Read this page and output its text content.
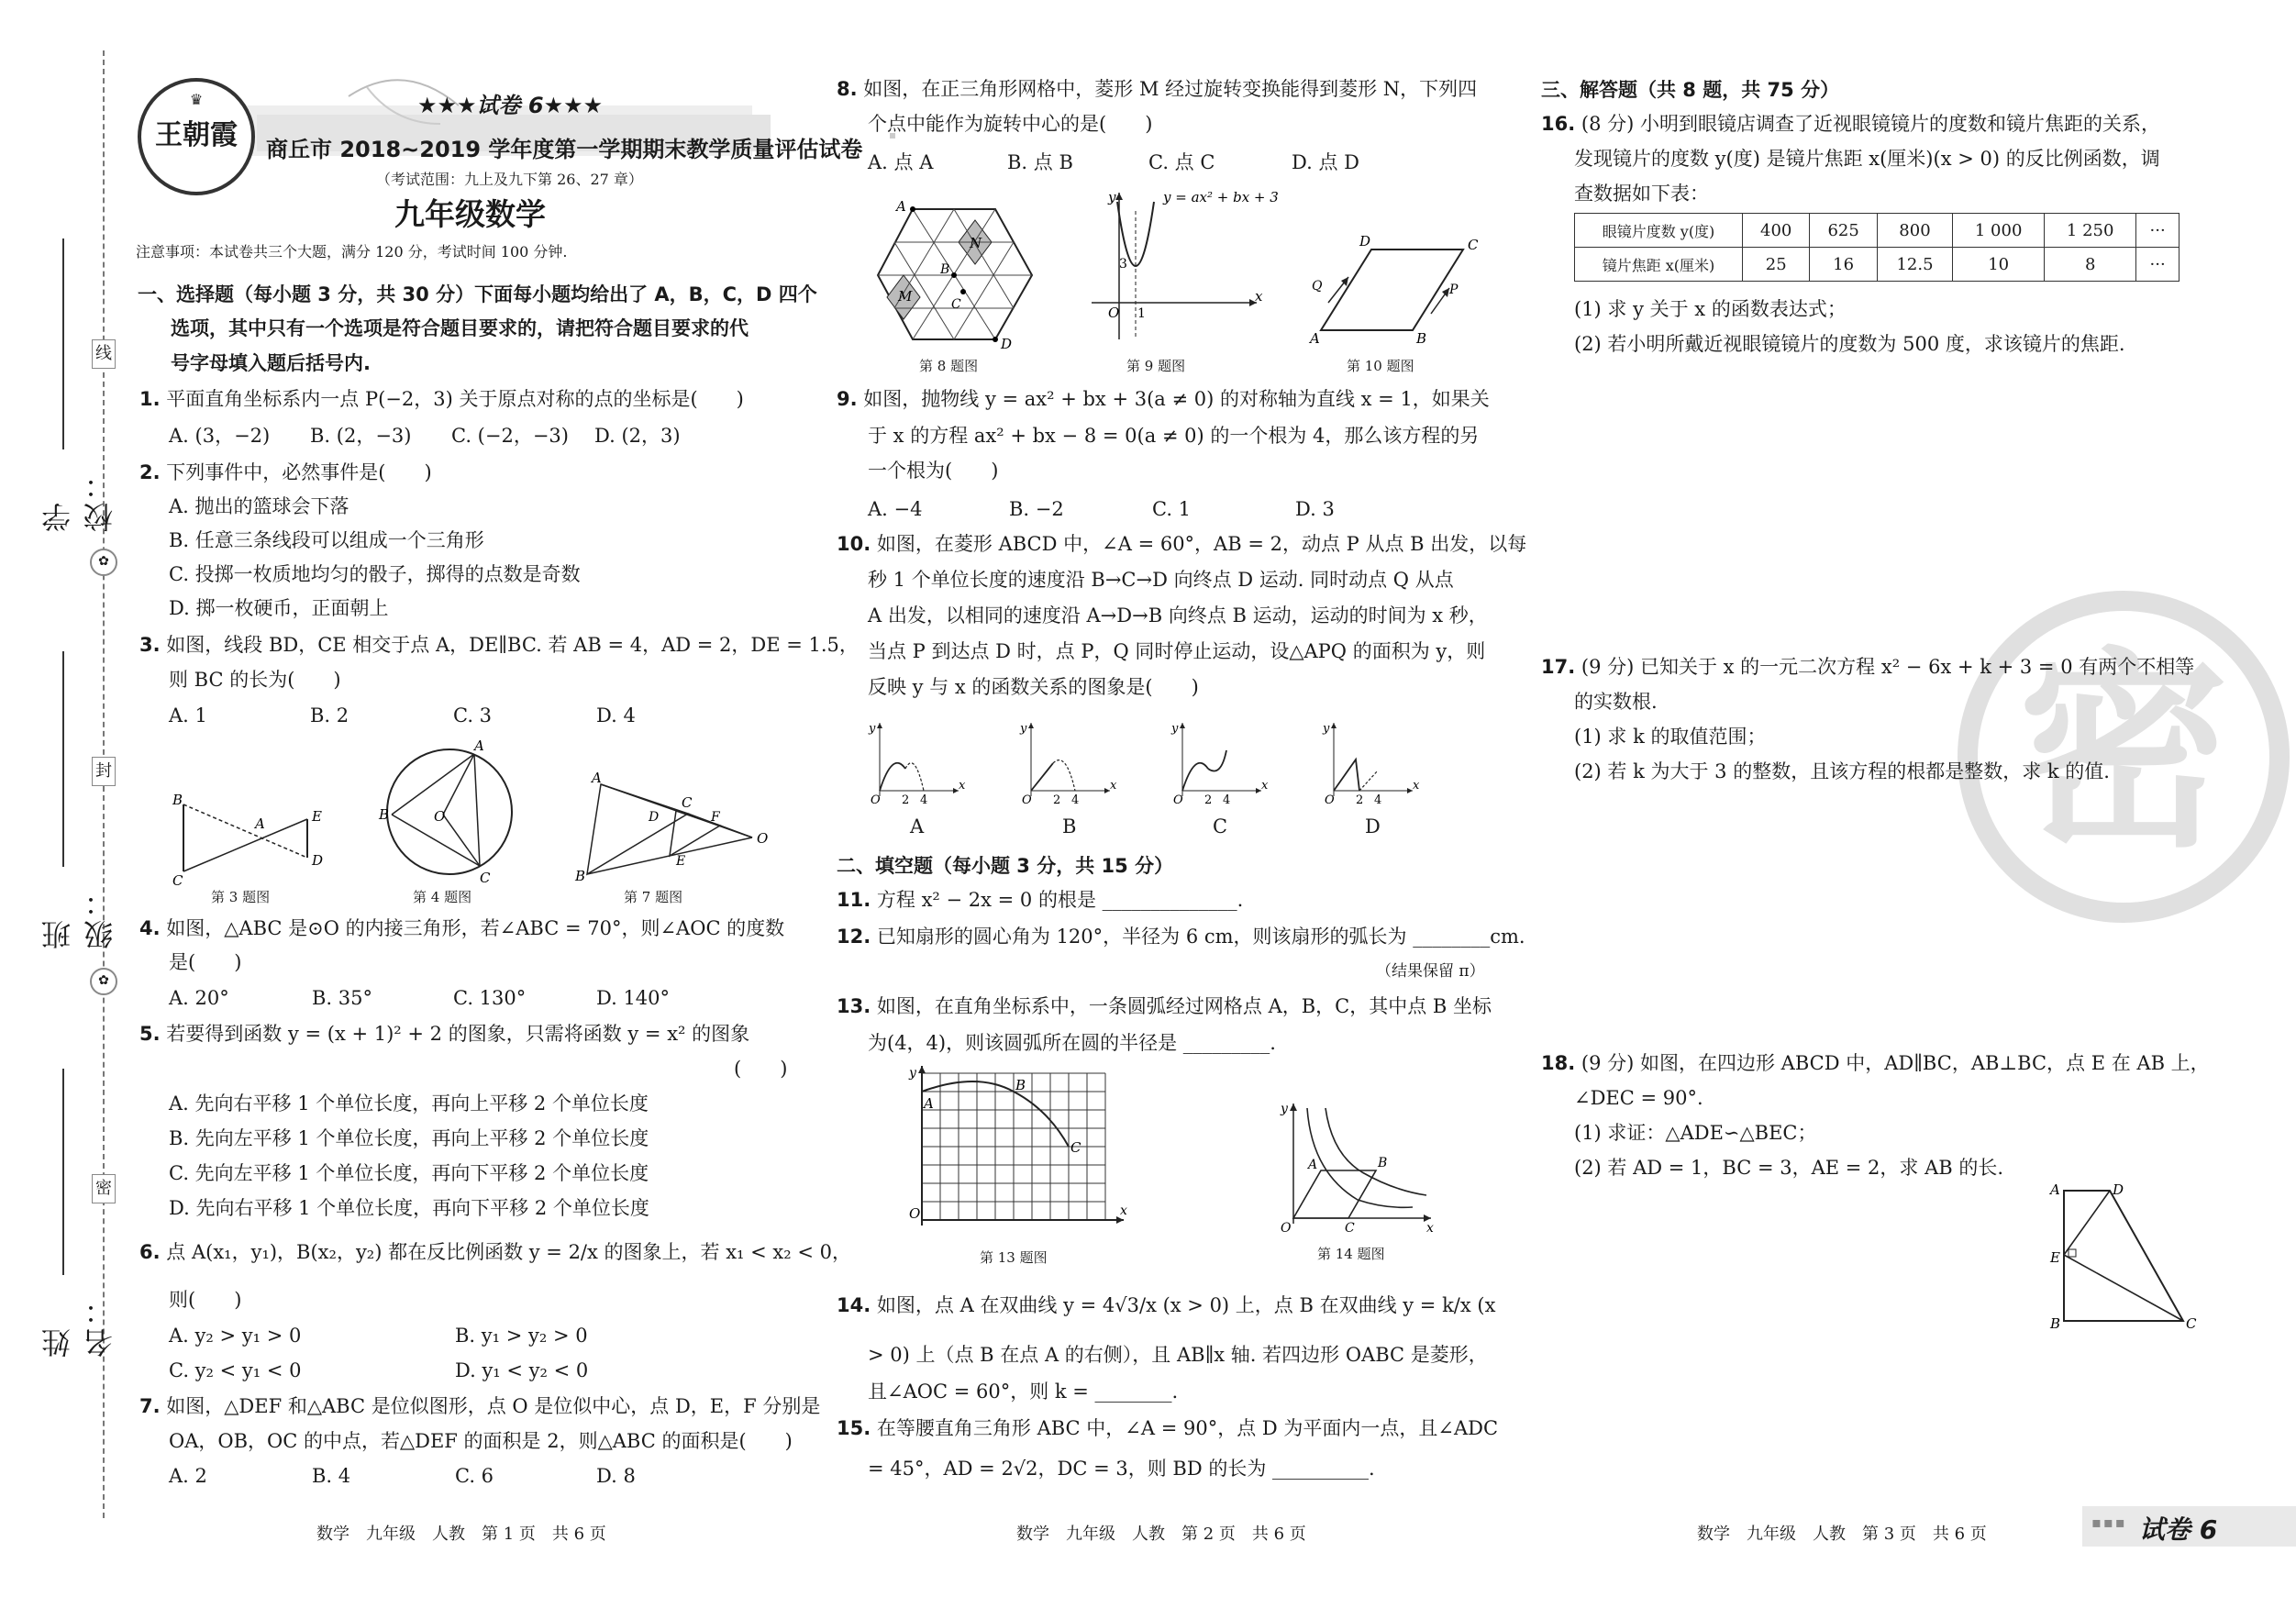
线
✿
封
✿
密
学校：
班级：
姓名：
♛
王朝霞
★★★试卷 6★★★
商丘市 2018~2019 学年度第一学期期末教学质量评估试卷
（考试范围：九上及九下第 26、27 章）
九年级数学
注意事项：本试卷共三个大题，满分 120 分，考试时间 100 分钟.
一、选择题（每小题 3 分，共 30 分）下面每小题均给出了 A，B，C，D 四个
选项，其中只有一个选项是符合题目要求的，请把符合题目要求的代
号字母填入题后括号内.
1. 平面直角坐标系内一点 P(−2，3) 关于原点对称的点的坐标是(　　)
A. (3，−2) B. (2，−3) C. (−2，−3) D. (2，3)
2. 下列事件中，必然事件是(　　)
A. 抛出的篮球会下落
B. 任意三条线段可以组成一个三角形
C. 投掷一枚质地均匀的骰子，掷得的点数是奇数
D. 掷一枚硬币，正面朝上
3. 如图，线段 BD，CE 相交于点 A，DE∥BC. 若 AB = 4，AD = 2，DE = 1.5，
则 BC 的长为(　　)
A. 1	B. 2	C. 3	D. 4
B
C
A	E
D
A
B	O
C
A
B
C
D
E
F
O
第 3 题图	第 4 题图	第 7 题图
4. 如图，△ABC 是⊙O 的内接三角形，若∠ABC = 70°，则∠AOC 的度数
是(　　)
A. 20°	B. 35°	C. 130°	D. 140°
5. 若要得到函数 y = (x + 1)² + 2 的图象，只需将函数 y = x² 的图象
(　　)
A. 先向右平移 1 个单位长度，再向上平移 2 个单位长度
B. 先向左平移 1 个单位长度，再向上平移 2 个单位长度
C. 先向左平移 1 个单位长度，再向下平移 2 个单位长度
D. 先向右平移 1 个单位长度，再向下平移 2 个单位长度
6. 点 A(x₁，y₁)，B(x₂，y₂) 都在反比例函数 y = 2/x 的图象上，若 x₁ < x₂ < 0，
则(　　)
A. y₂ > y₁ > 0	B. y₁ > y₂ > 0
C. y₂ < y₁ < 0	D. y₁ < y₂ < 0
7. 如图，△DEF 和△ABC 是位似图形，点 O 是位似中心，点 D，E，F 分别是
OA，OB，OC 的中点，若△DEF 的面积是 2，则△ABC 的面积是(　　)
A. 2	B. 4	C. 6	D. 8
8. 如图，在正三角形网格中，菱形 M 经过旋转变换能得到菱形 N，下列四
个点中能作为旋转中心的是(　　)
A. 点 A	B. 点 B	C. 点 C	D. 点 D
A
B
C
D
M
N
y
x
O 1
3
y = ax² + bx + 3
A	B
C
D
Q	P
第 8 题图	第 9 题图	第 10 题图
9. 如图，抛物线 y = ax² + bx + 3(a ≠ 0) 的对称轴为直线 x = 1，如果关
于 x 的方程 ax² + bx − 8 = 0(a ≠ 0) 的一个根为 4，那么该方程的另
一个根为(　　)
A. −4	B. −2	C. 1	D. 3
10. 如图，在菱形 ABCD 中，∠A = 60°，AB = 2，动点 P 从点 B 出发，以每
秒 1 个单位长度的速度沿 B→C→D 向终点 D 运动. 同时动点 Q 从点
A 出发，以相同的速度沿 A→D→B 向终点 B 运动，运动的时间为 x 秒，
当点 P 到达点 D 时，点 P，Q 同时停止运动，设△APQ 的面积为 y，则
反映 y 与 x 的函数关系的图象是(　　)
y
x
O 2 4
y
x
O 2 4
y
x
O 2 4
y
x
O 2 4
A	B	C	D
二、填空题（每小题 3 分，共 15 分）
11. 方程 x² − 2x = 0 的根是 ______________.
12. 已知扇形的圆心角为 120°，半径为 6 cm，则该扇形的弧长为 ________cm.
（结果保留 π）
13. 如图，在直角坐标系中，一条圆弧经过网格点 A，B，C，其中点 B 坐标
为(4，4)，则该圆弧所在圆的半径是 _________.
A
B
C
O
y
x
A	B
C
O
y
x
第 13 题图	第 14 题图
14. 如图，点 A 在双曲线 y = 4√3/x (x > 0) 上，点 B 在双曲线 y = k/x (x
> 0) 上（点 B 在点 A 的右侧），且 AB∥x 轴. 若四边形 OABC 是菱形，
且∠AOC = 60°，则 k = ________.
15. 在等腰直角三角形 ABC 中，∠A = 90°，点 D 为平面内一点，且∠ADC
= 45°，AD = 2√2，DC = 3，则 BD 的长为 __________.
密
三、解答题（共 8 题，共 75 分）
16. (8 分) 小明到眼镜店调查了近视眼镜镜片的度数和镜片焦距的关系，
发现镜片的度数 y(度) 是镜片焦距 x(厘米)(x > 0) 的反比例函数，调
查数据如下表：
眼镜片度数 y(度)	400	625	800	1 000	1 250	···
镜片焦距 x(厘米)	25	16	12.5	10	8	···
(1) 求 y 关于 x 的函数表达式；
(2) 若小明所戴近视眼镜镜片的度数为 500 度，求该镜片的焦距.
17. (9 分) 已知关于 x 的一元二次方程 x² − 6x + k + 3 = 0 有两个不相等
的实数根.
(1) 求 k 的取值范围；
(2) 若 k 为大于 3 的整数，且该方程的根都是整数，求 k 的值.
18. (9 分) 如图，在四边形 ABCD 中，AD∥BC，AB⊥BC，点 E 在 AB 上，
∠DEC = 90°.
(1) 求证：△ADE∽△BEC；
(2) 若 AD = 1，BC = 3，AE = 2，求 AB 的长.
A	D
E
B	C
数学　九年级　人教　第 1 页　共 6 页	数学　九年级　人教　第 2 页　共 6 页	数学　九年级　人教　第 3 页　共 6 页
▪▪▪ 试卷 6
